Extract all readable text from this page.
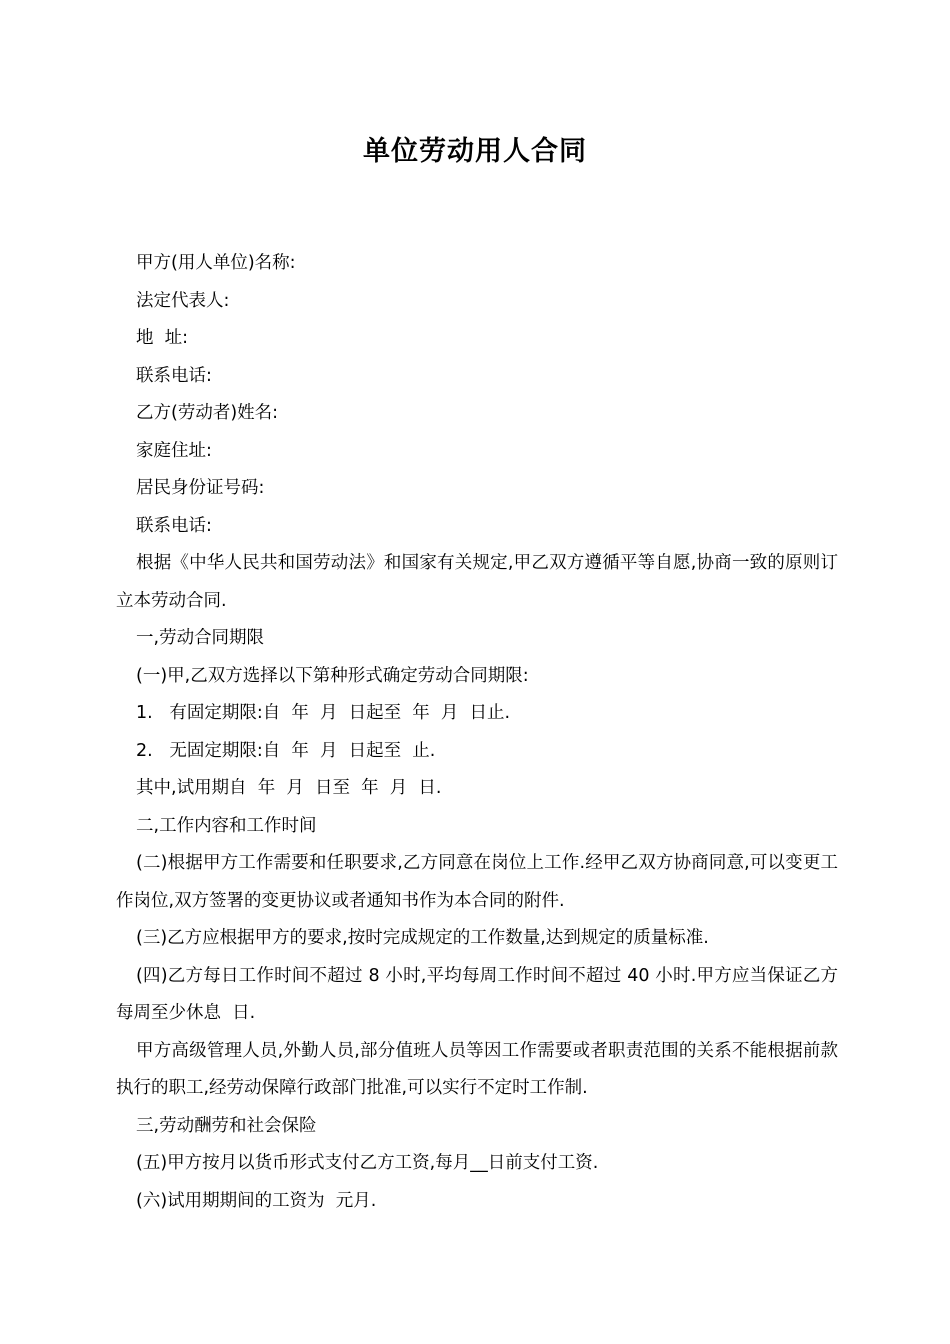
单位劳动用人合同

甲方(用人单位)名称:

法定代表人:

地  址:

联系电话:

乙方(劳动者)姓名:

家庭住址:

居民身份证号码:

联系电话:

根据《中华人民共和国劳动法》和国家有关规定,甲乙双方遵循平等自愿,协商一致的原则订立本劳动合同.

一,劳动合同期限

(一)甲,乙双方选择以下第种形式确定劳动合同期限:

1.   有固定期限:自  年  月  日起至  年  月  日止.

2.   无固定期限:自  年  月  日起至  止.

其中,试用期自  年  月  日至  年  月  日.

二,工作内容和工作时间

(二)根据甲方工作需要和任职要求,乙方同意在岗位上工作.经甲乙双方协商同意,可以变更工作岗位,双方签署的变更协议或者通知书作为本合同的附件.

(三)乙方应根据甲方的要求,按时完成规定的工作数量,达到规定的质量标准.

(四)乙方每日工作时间不超过 8 小时,平均每周工作时间不超过 40 小时.甲方应当保证乙方每周至少休息  日.

甲方高级管理人员,外勤人员,部分值班人员等因工作需要或者职责范围的关系不能根据前款执行的职工,经劳动保障行政部门批准,可以实行不定时工作制.

三,劳动酬劳和社会保险

(五)甲方按月以货币形式支付乙方工资,每月__日前支付工资.

(六)试用期期间的工资为  元月.
